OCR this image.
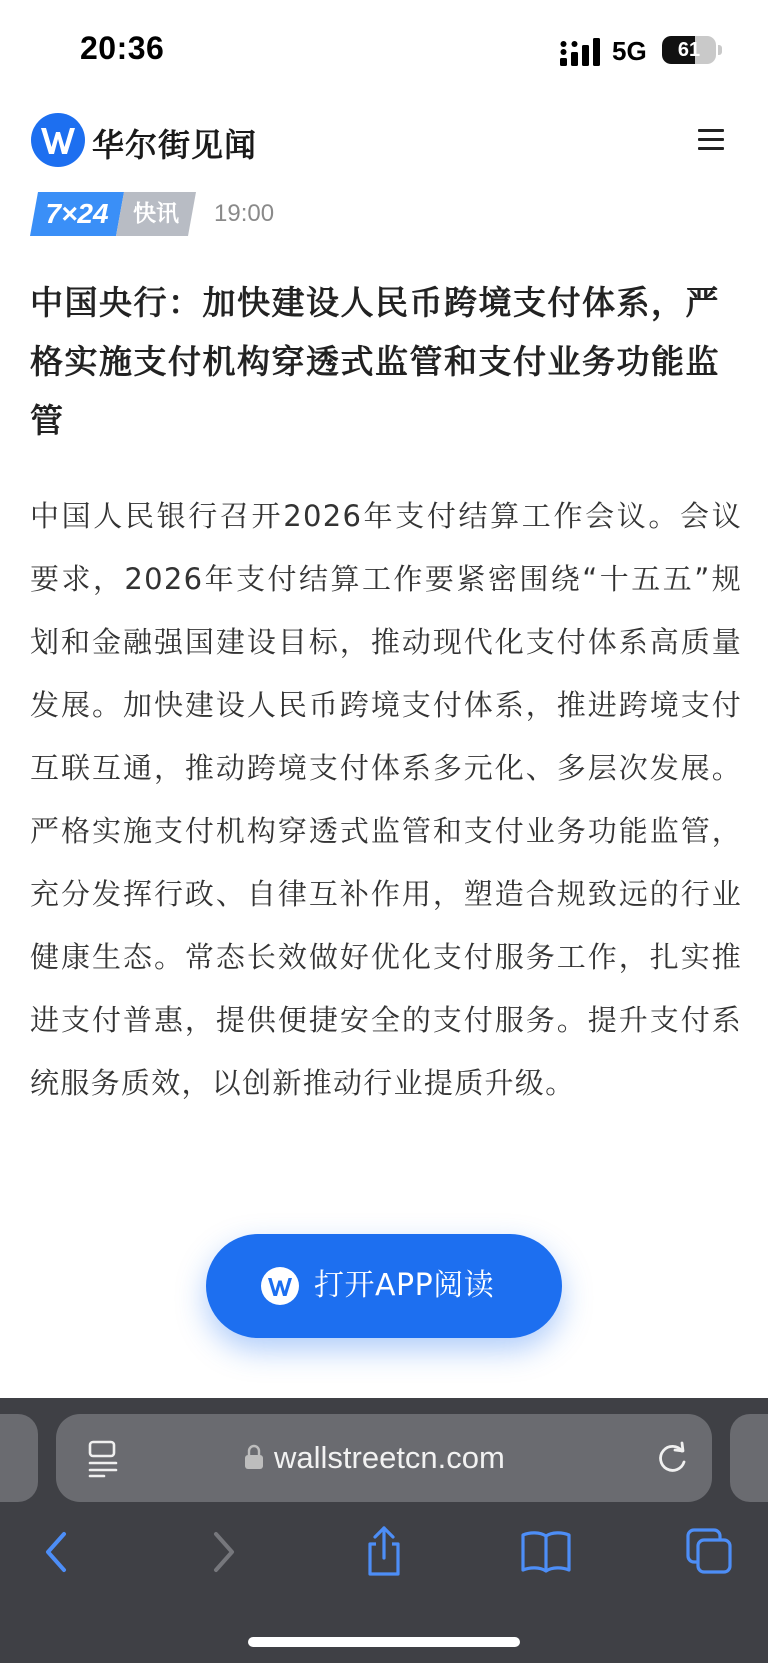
20:36	5G	61
华尔街见闻
7×24	快讯	19:00
中国央行：加快建设人民币跨境支付体系，严格实施支付机构穿透式监管和支付业务功能监管

中国人民银行召开2026年支付结算工作会议。会议要求，2026年支付结算工作要紧密围绕“十五五”规划和金融强国建设目标，推动现代化支付体系高质量发展。加快建设人民币跨境支付体系，推进跨境支付互联互通，推动跨境支付体系多元化、多层次发展。严格实施支付机构穿透式监管和支付业务功能监管，充分发挥行政、自律互补作用，塑造合规致远的行业健康生态。常态长效做好优化支付服务工作，扎实推进支付普惠，提供便捷安全的支付服务。提升支付系统服务质效，以创新推动行业提质升级。

打开APP阅读
wallstreetcn.com
